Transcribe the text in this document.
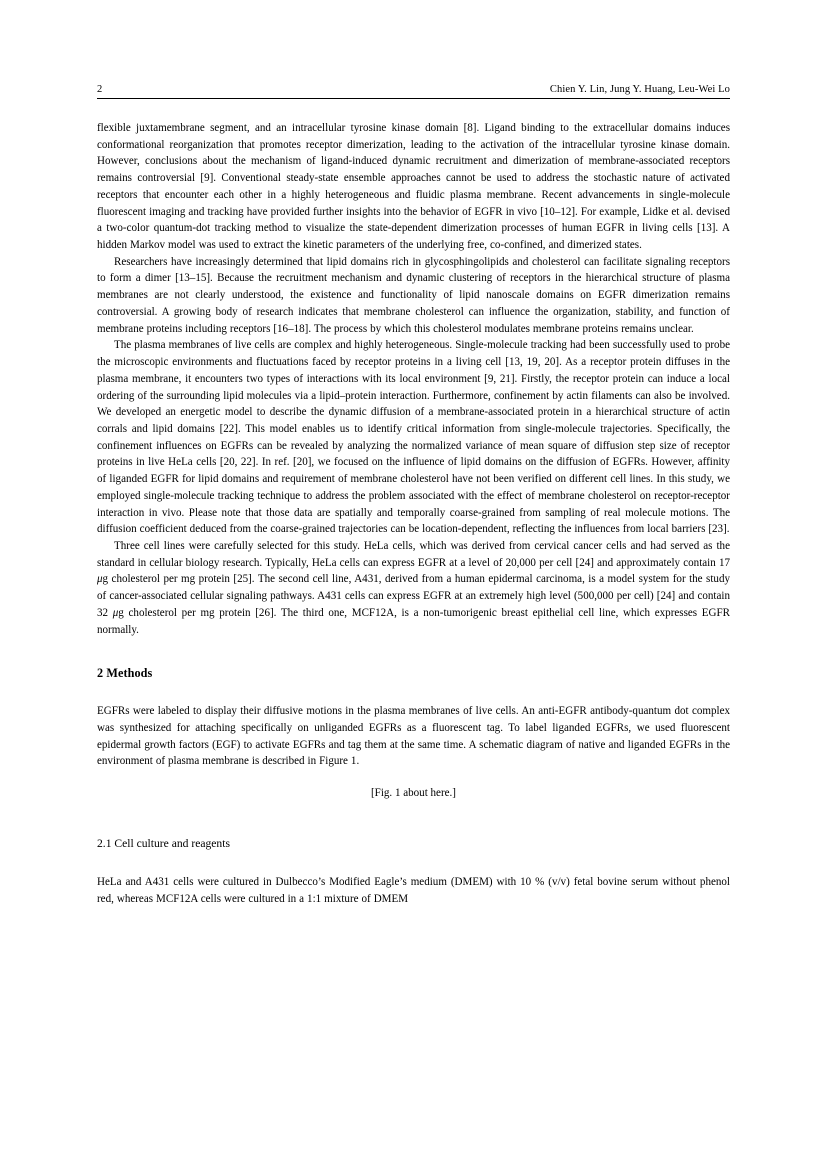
2	Chien Y. Lin, Jung Y. Huang, Leu-Wei Lo

flexible juxtamembrane segment, and an intracellular tyrosine kinase domain [8]. Ligand binding to the extracellular domains induces conformational reorganization that promotes receptor dimerization, leading to the activation of the intracellular tyrosine kinase domain. However, conclusions about the mechanism of ligand-induced dynamic recruitment and dimerization of membrane-associated receptors remains controversial [9]. Conventional steady-state ensemble approaches cannot be used to address the stochastic nature of activated receptors that encounter each other in a highly heterogeneous and fluidic plasma membrane. Recent advancements in single-molecule fluorescent imaging and tracking have provided further insights into the behavior of EGFR in vivo [10–12]. For example, Lidke et al. devised a two-color quantum-dot tracking method to visualize the state-dependent dimerization processes of human EGFR in living cells [13]. A hidden Markov model was used to extract the kinetic parameters of the underlying free, co-confined, and dimerized states.

Researchers have increasingly determined that lipid domains rich in glycosphingolipids and cholesterol can facilitate signaling receptors to form a dimer [13–15]. Because the recruitment mechanism and dynamic clustering of receptors in the hierarchical structure of plasma membranes are not clearly understood, the existence and functionality of lipid nanoscale domains on EGFR dimerization remains controversial. A growing body of research indicates that membrane cholesterol can influence the organization, stability, and function of membrane proteins including receptors [16–18]. The process by which this cholesterol modulates membrane proteins remains unclear.

The plasma membranes of live cells are complex and highly heterogeneous. Single-molecule tracking had been successfully used to probe the microscopic environments and fluctuations faced by receptor proteins in a living cell [13, 19, 20]. As a receptor protein diffuses in the plasma membrane, it encounters two types of interactions with its local environment [9, 21]. Firstly, the receptor protein can induce a local ordering of the surrounding lipid molecules via a lipid–protein interaction. Furthermore, confinement by actin filaments can also be involved. We developed an energetic model to describe the dynamic diffusion of a membrane-associated protein in a hierarchical structure of actin corrals and lipid domains [22]. This model enables us to identify critical information from single-molecule trajectories. Specifically, the confinement influences on EGFRs can be revealed by analyzing the normalized variance of mean square of diffusion step size of receptor proteins in live HeLa cells [20, 22]. In ref. [20], we focused on the influence of lipid domains on the diffusion of EGFRs. However, affinity of liganded EGFR for lipid domains and requirement of membrane cholesterol have not been verified on different cell lines. In this study, we employed single-molecule tracking technique to address the problem associated with the effect of membrane cholesterol on receptor-receptor interaction in vivo. Please note that those data are spatially and temporally coarse-grained from sampling of real molecule motions. The diffusion coefficient deduced from the coarse-grained trajectories can be location-dependent, reflecting the influences from local barriers [23].

Three cell lines were carefully selected for this study. HeLa cells, which was derived from cervical cancer cells and had served as the standard in cellular biology research. Typically, HeLa cells can express EGFR at a level of 20,000 per cell [24] and approximately contain 17 μg cholesterol per mg protein [25]. The second cell line, A431, derived from a human epidermal carcinoma, is a model system for the study of cancer-associated cellular signaling pathways. A431 cells can express EGFR at an extremely high level (500,000 per cell) [24] and contain 32 μg cholesterol per mg protein [26]. The third one, MCF12A, is a non-tumorigenic breast epithelial cell line, which expresses EGFR normally.

2 Methods

EGFRs were labeled to display their diffusive motions in the plasma membranes of live cells. An anti-EGFR antibody-quantum dot complex was synthesized for attaching specifically on unliganded EGFRs as a fluorescent tag. To label liganded EGFRs, we used fluorescent epidermal growth factors (EGF) to activate EGFRs and tag them at the same time. A schematic diagram of native and liganded EGFRs in the environment of plasma membrane is described in Figure 1.

[Fig. 1 about here.]

2.1 Cell culture and reagents

HeLa and A431 cells were cultured in Dulbecco’s Modified Eagle’s medium (DMEM) with 10 % (v/v) fetal bovine serum without phenol red, whereas MCF12A cells were cultured in a 1:1 mixture of DMEM
